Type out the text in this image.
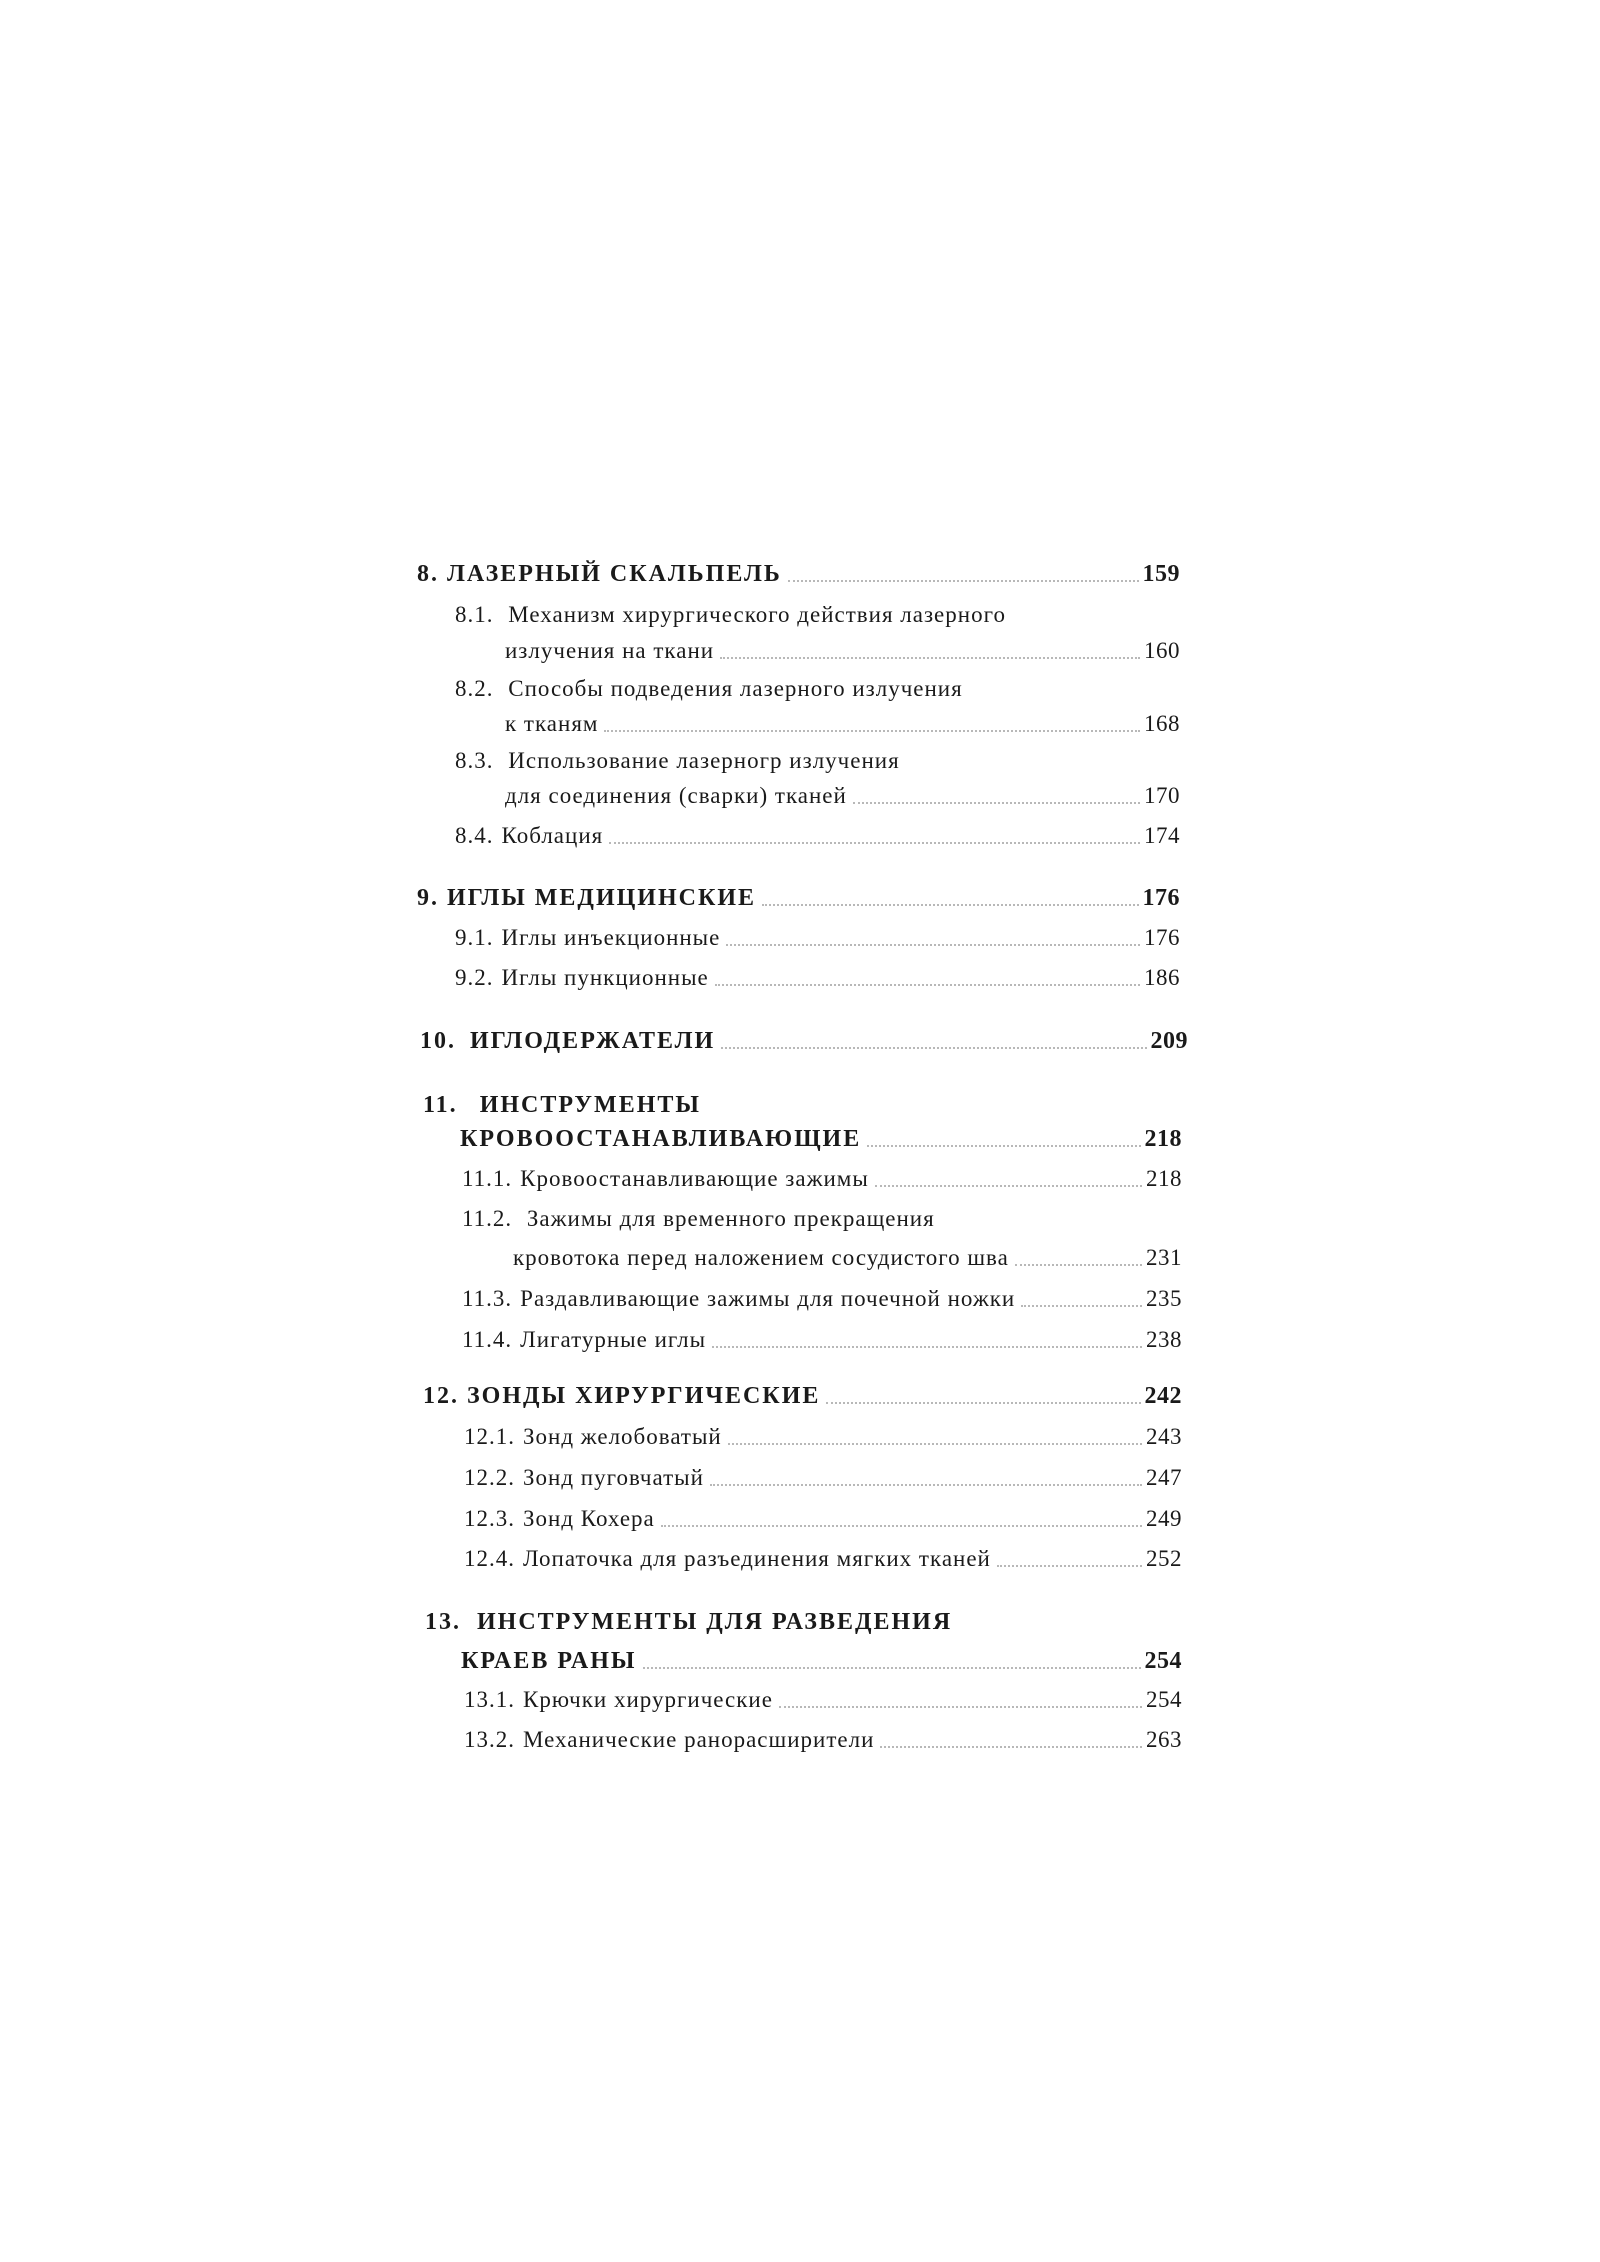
8. ЛАЗЕРНЫЙ СКАЛЬПЕЛЬ	159
8.1. Механизм хирургического действия лазерного
излучения на ткани	160
8.2. Способы подведения лазерного излучения
к тканям	168
8.3. Использование лазерногр излучения
для соединения (сварки) тканей	170
8.4. Коблация	174
9. ИГЛЫ МЕДИЦИНСКИЕ	176
9.1. Иглы инъекционные	176
9.2. Иглы пункционные	186
10. ИГЛОДЕРЖАТЕЛИ	209
11. ИНСТРУМЕНТЫ
КРОВООСТАНАВЛИВАЮЩИЕ	218
11.1. Кровоостанавливающие зажимы	218
11.2. Зажимы для временного прекращения
кровотока перед наложением сосудистого шва	231
11.3. Раздавливающие зажимы для почечной ножки	235
11.4. Лигатурные иглы	238
12. ЗОНДЫ ХИРУРГИЧЕСКИЕ	242
12.1. Зонд желобоватый	243
12.2. Зонд пуговчатый	247
12.3. Зонд Кохера	249
12.4. Лопаточка для разъединения мягких тканей	252
13. ИНСТРУМЕНТЫ ДЛЯ РАЗВЕДЕНИЯ
КРАЕВ РАНЫ	254
13.1. Крючки хирургические	254
13.2. Механические ранорасширители	263
